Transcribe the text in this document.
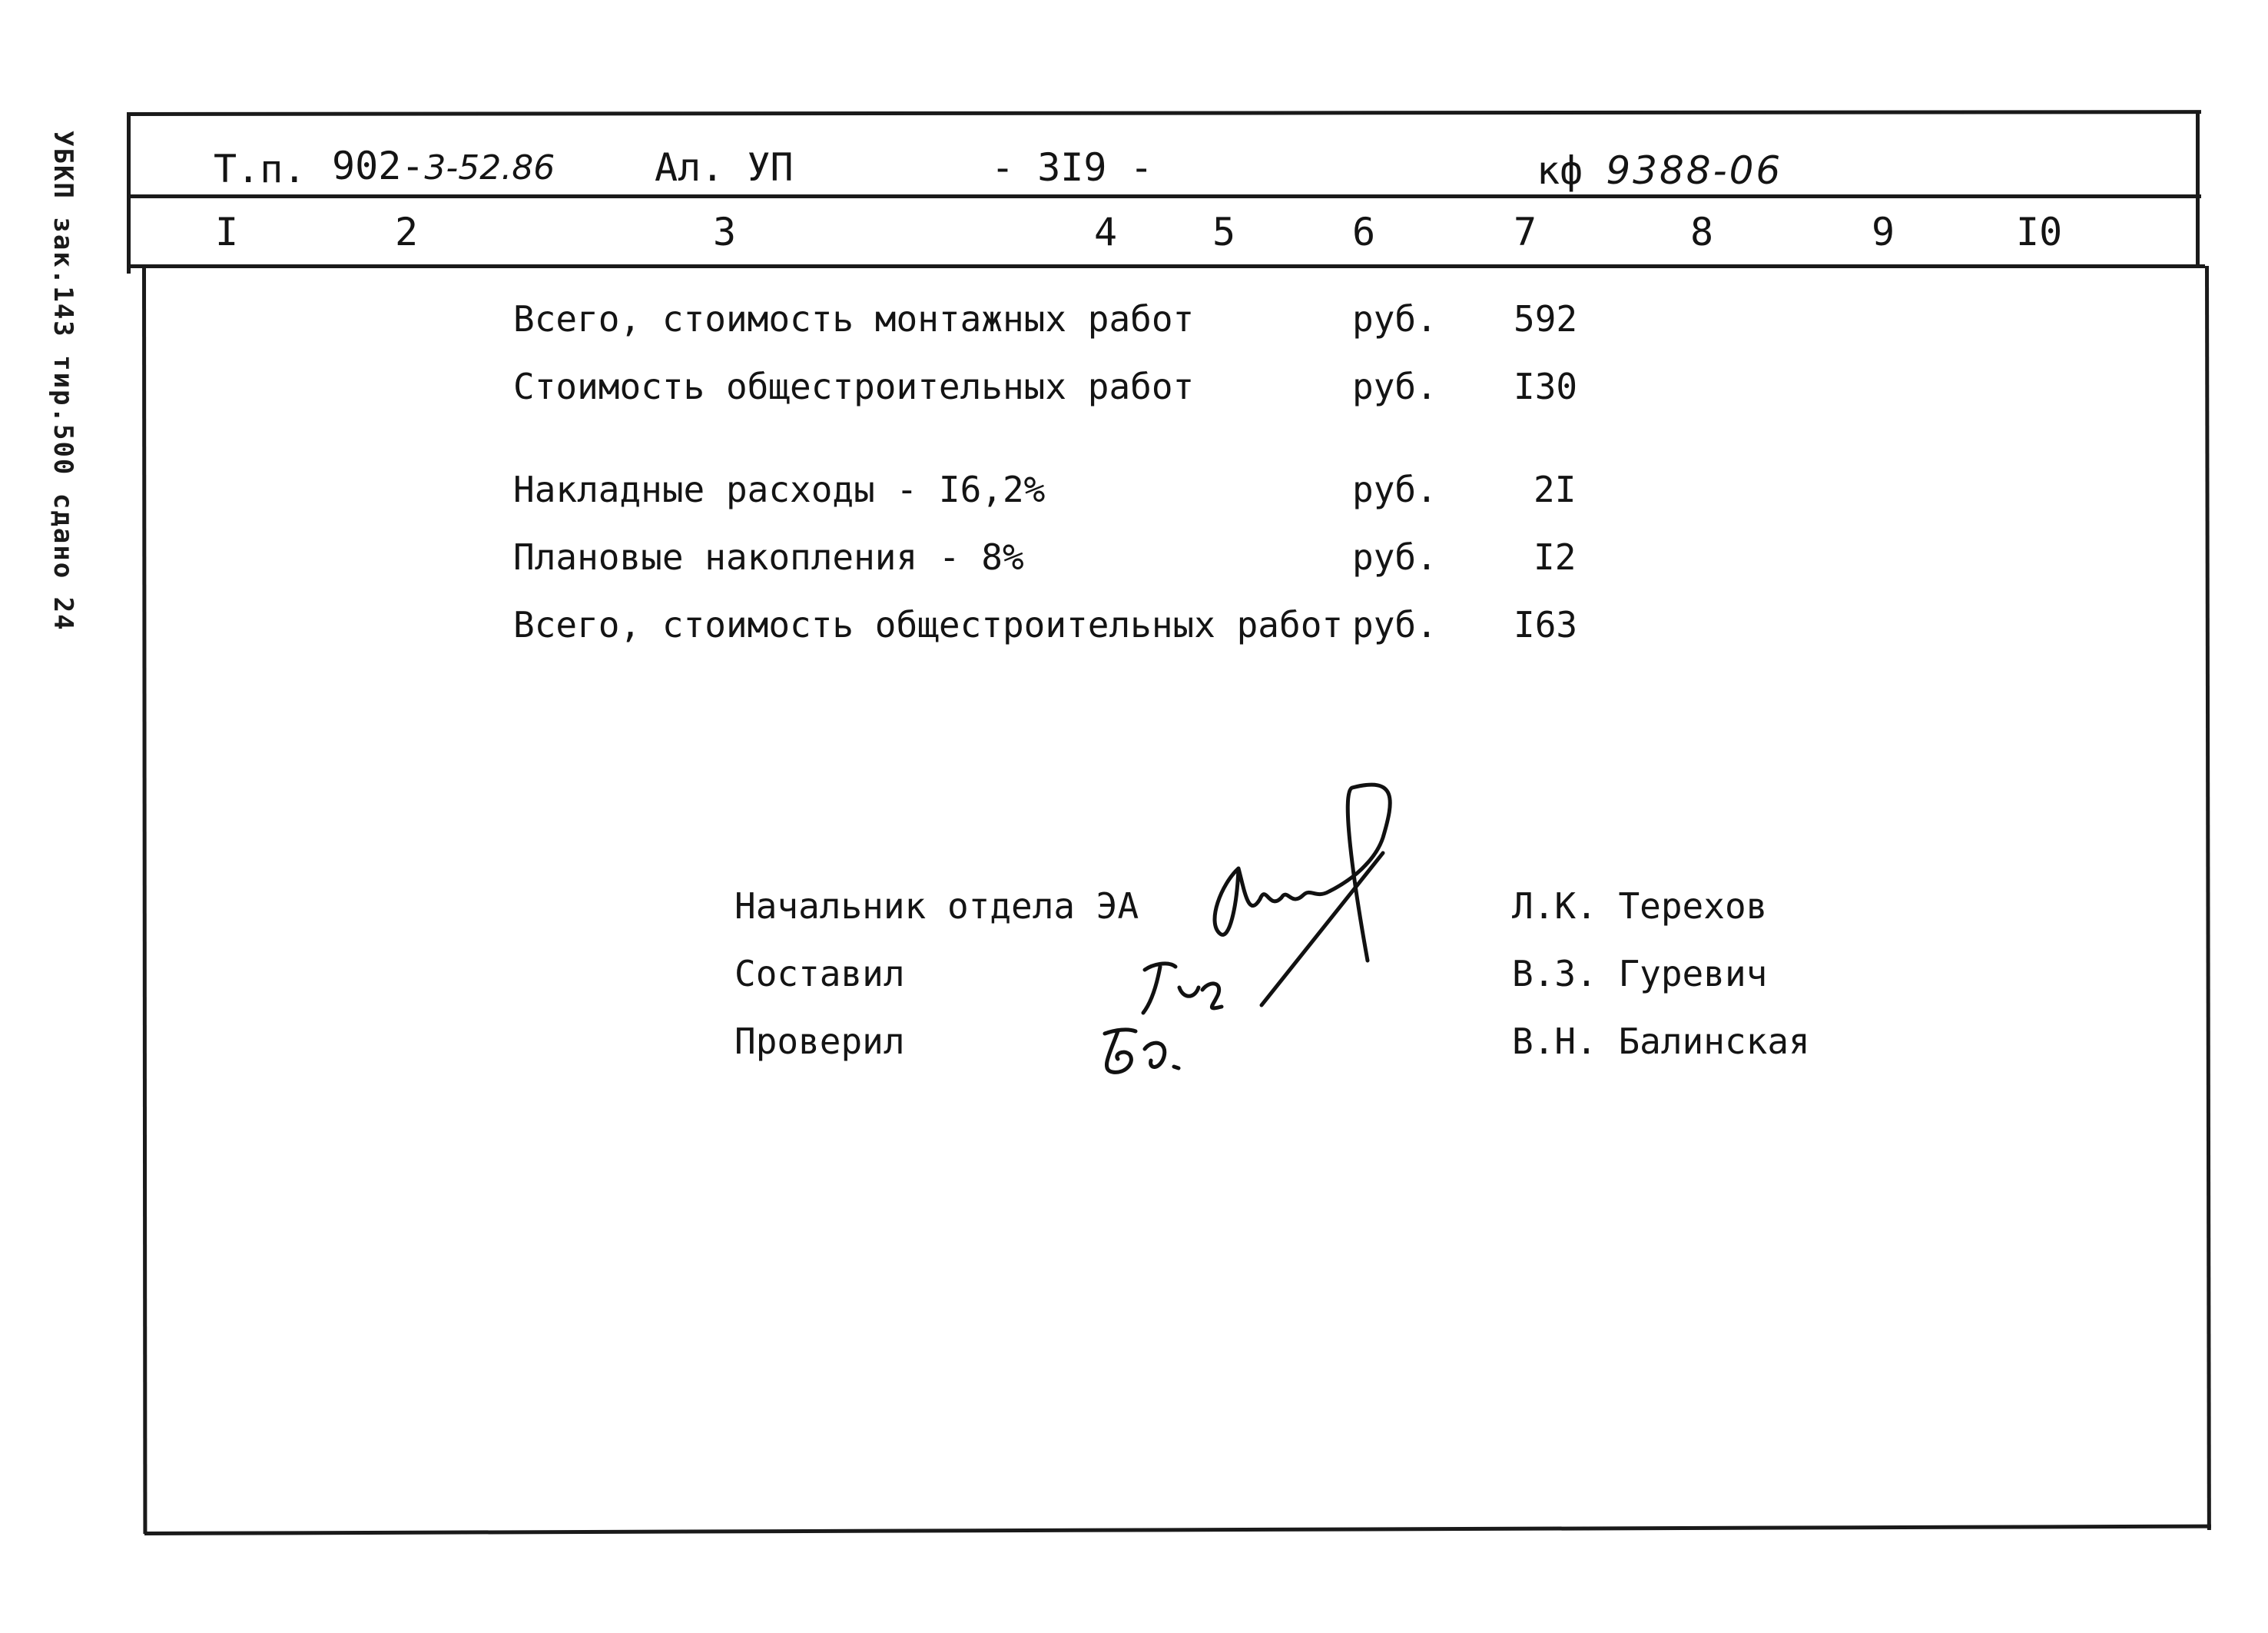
УБКП зак.143 тир.500 сдано 24	Т.п. 902-3-52.86	Ал. УП	- 3I9 -	кф 9388-06
I	2	3	4 5	6	7	8	9	I0
Всего, стоимость монтажных работ	руб. 592
Стоимость общестроительных работ	руб. I30
Накладные расходы - I6,2%	руб.	2I
Плановые накопления - 8%	руб.	I2
Всего, стоимость общестроительных работ руб. I63
Начальник отдела ЭА	Л.К. Терехов
Составил	В.З. Гуревич
Проверил	В.Н. Балинская
